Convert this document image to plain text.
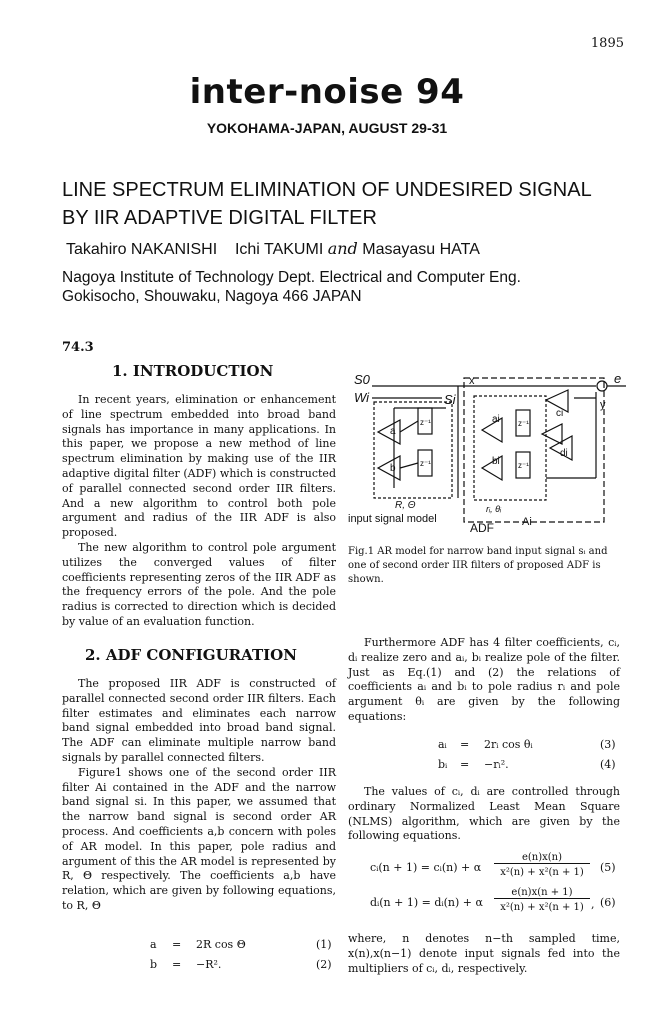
1895
inter-noise 94
YOKOHAMA-JAPAN, AUGUST 29-31
LINE SPECTRUM ELIMINATION OF UNDESIRED SIGNAL
BY IIR ADAPTIVE DIGITAL FILTER
Takahiro NAKANISHI    Ichi TAKUMI and Masayasu HATA
Nagoya Institute of Technology Dept. Electrical and Computer Eng.
Gokisocho, Shouwaku, Nagoya 466 JAPAN
74.3
1. INTRODUCTION

In recent years, elimination or enhancement of line spectrum embedded into broad band signals has importance in many applications. In this paper, we propose a new method of line spectrum elimination by making use of the IIR adaptive digital filter (ADF) which is constructed of parallel connected second order IIR filters. And a new algorithm to control both pole argument and radius of the IIR ADF is also proposed.

The new algorithm to control pole argument utilizes the converged values of filter coefficients representing zeros of the IIR ADF as the frequency errors of the pole. And the pole radius is corrected to direction which is decided by value of an evaluation function.

2. ADF CONFIGURATION

The proposed IIR ADF is constructed of parallel connected second order IIR filters. Each filter estimates and eliminates each narrow band signal embedded into broad band signal. The ADF can eliminate multiple narrow band signals by parallel connected filters.

Figure1 shows one of the second order IIR filter Ai contained in the ADF and the narrow band signal si. In this paper, we assumed that the narrow band signal is second order AR process. And coefficients a,b concern with poles of AR model. In this paper, pole radius and argument of this the AR model is represented by R, Θ respectively. The coefficients a,b have relation, which are given by following equations, to R, Θ

a = 2R cos Θ	(1)
b = −R².	(2)
S0
Wi	Si
x	e
y
z⁻¹
a
z⁻¹
b
R, Θ
input signal model
z⁻¹
ai
z⁻¹
bi
ci
di
rᵢ, θᵢ
ADF	Ai
Fig.1 AR model for narrow band input signal sᵢ and one of second order IIR filters of proposed ADF is shown.

Furthermore ADF has 4 filter coefficients, cᵢ, dᵢ realize zero and aᵢ, bᵢ realize pole of the filter. Just as Eq.(1) and (2) the relations of coefficients aᵢ and bᵢ to pole radius rᵢ and pole argument θᵢ are given by the following equations:

aᵢ = 2rᵢ cos θᵢ	(3)
bᵢ = −rᵢ².	(4)

The values of cᵢ, dᵢ are controlled through ordinary Normalized Least Mean Square (NLMS) algorithm, which are given by the following equations.

cᵢ(n + 1) = cᵢ(n) + α
e(n)x(n)
x²(n) + x²(n + 1)	(5)
dᵢ(n + 1) = dᵢ(n) + α
e(n)x(n + 1)
x²(n) + x²(n + 1) , (6)

where, n denotes n−th sampled time, x(n),x(n−1) denote input signals fed into the multipliers of cᵢ, dᵢ, respectively.
